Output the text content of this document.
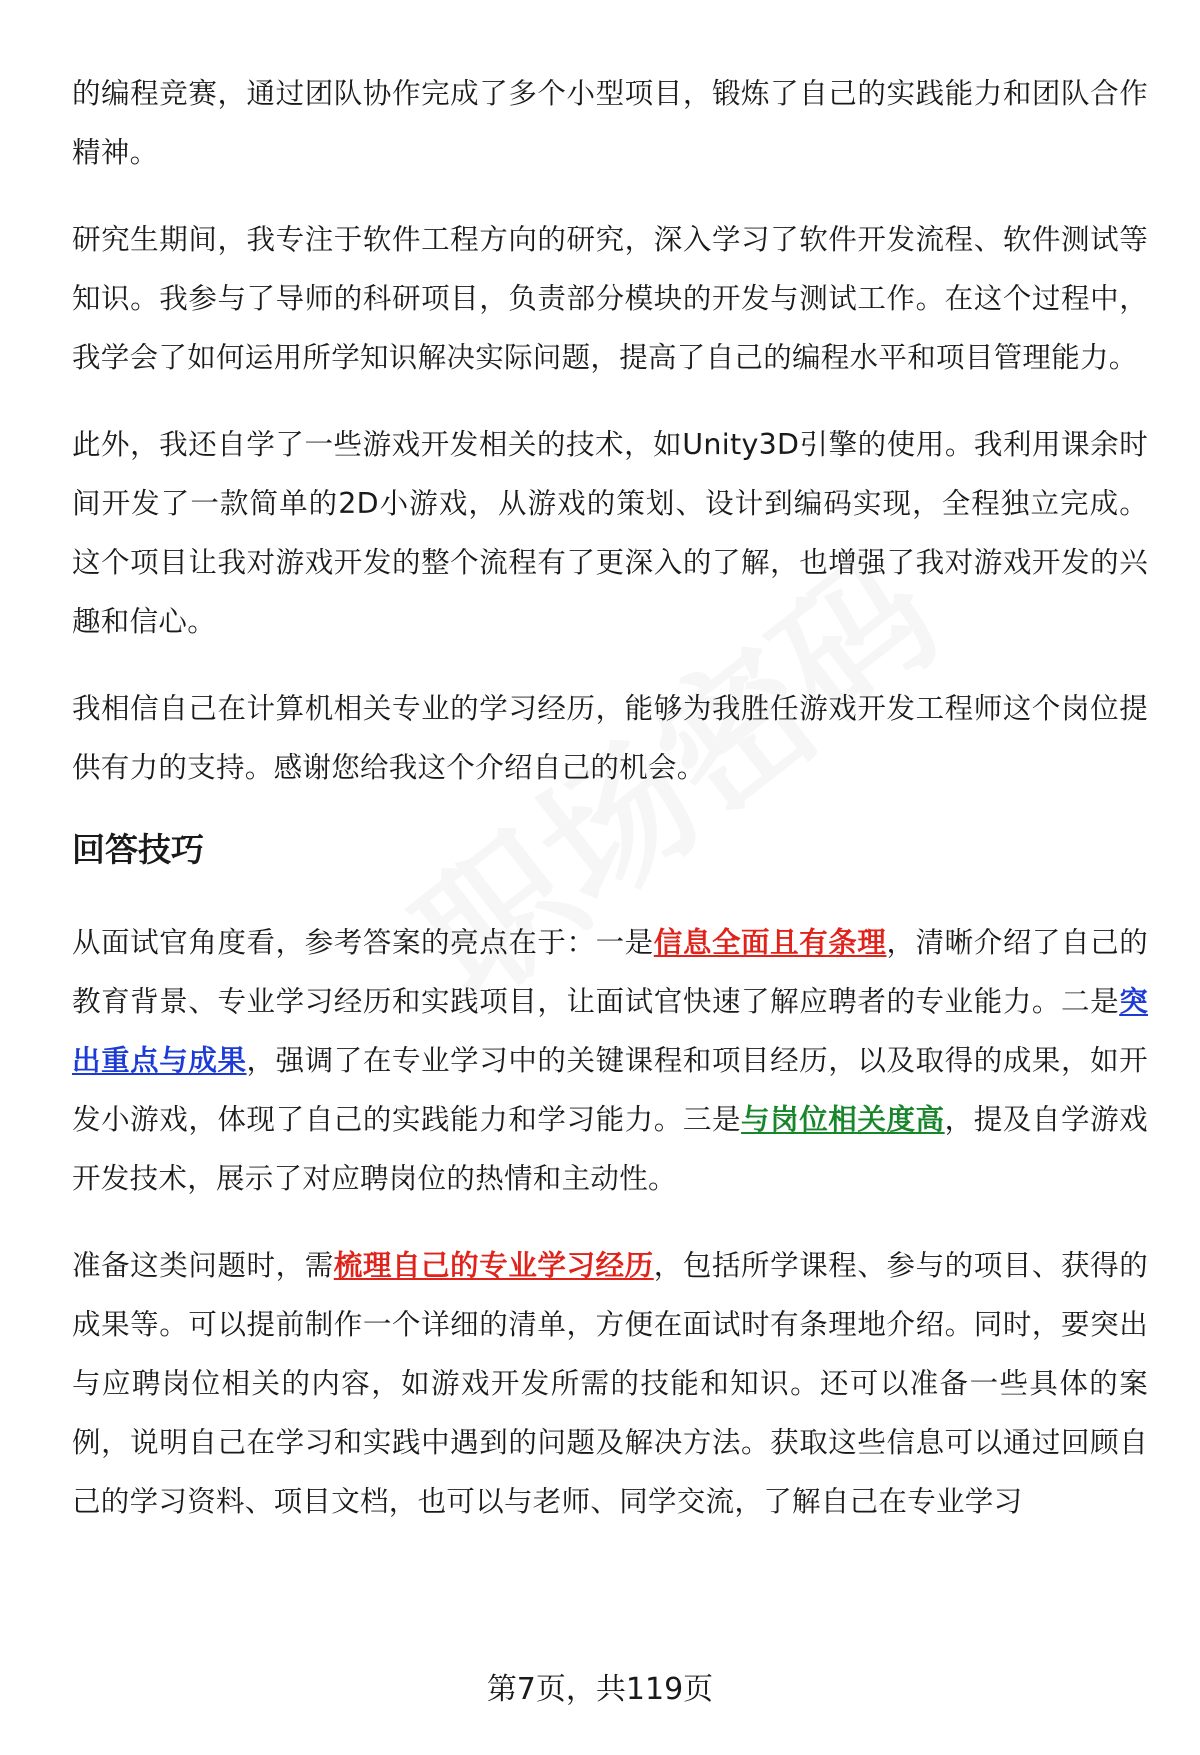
的编程竞赛，通过团队协作完成了多个小型项目，锻炼了自己的实践能力和团队合作精神。

研究生期间，我专注于软件工程方向的研究，深入学习了软件开发流程、软件测试等知识。我参与了导师的科研项目，负责部分模块的开发与测试工作。在这个过程中，我学会了如何运用所学知识解决实际问题，提高了自己的编程水平和项目管理能力。

此外，我还自学了一些游戏开发相关的技术，如Unity3D引擎的使用。我利用课余时间开发了一款简单的2D小游戏，从游戏的策划、设计到编码实现，全程独立完成。这个项目让我对游戏开发的整个流程有了更深入的了解，也增强了我对游戏开发的兴趣和信心。

我相信自己在计算机相关专业的学习经历，能够为我胜任游戏开发工程师这个岗位提供有力的支持。感谢您给我这个介绍自己的机会。

回答技巧

从面试官角度看，参考答案的亮点在于：一是信息全面且有条理，清晰介绍了自己的教育背景、专业学习经历和实践项目，让面试官快速了解应聘者的专业能力。二是突出重点与成果，强调了在专业学习中的关键课程和项目经历，以及取得的成果，如开发小游戏，体现了自己的实践能力和学习能力。三是与岗位相关度高，提及自学游戏开发技术，展示了对应聘岗位的热情和主动性。

准备这类问题时，需梳理自己的专业学习经历，包括所学课程、参与的项目、获得的成果等。可以提前制作一个详细的清单，方便在面试时有条理地介绍。同时，要突出与应聘岗位相关的内容，如游戏开发所需的技能和知识。还可以准备一些具体的案例，说明自己在学习和实践中遇到的问题及解决方法。获取这些信息可以通过回顾自己的学习资料、项目文档，也可以与老师、同学交流，了解自己在专业学习

第7页，共119页
